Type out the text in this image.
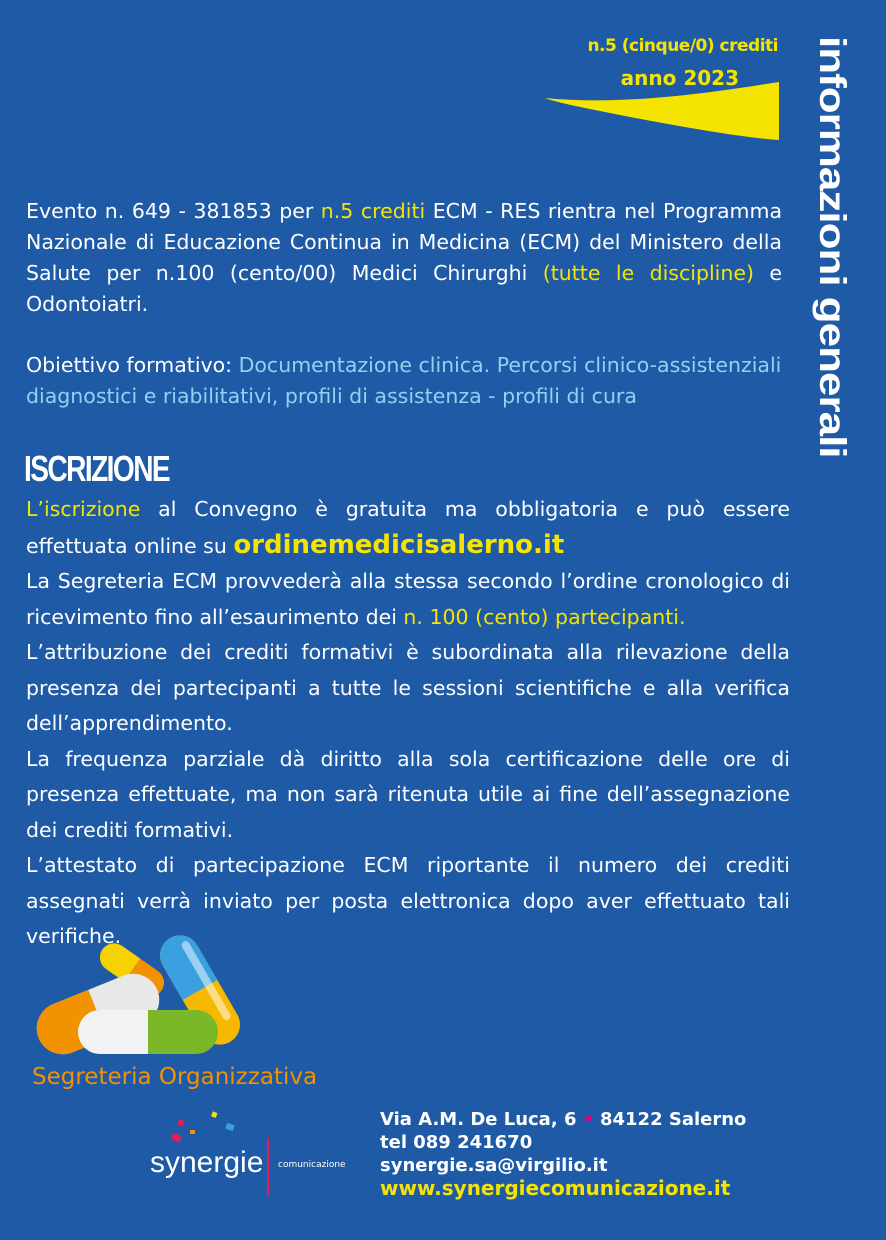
n.5 (cinque/0) crediti
anno 2023 informazioni generali
Evento n. 649 - 381853 per n.5 crediti ECM - RES rientra nel Programma Nazionale di Educazione Continua in Medicina (ECM) del Ministero della Salute per n.100 (cento/00) Medici Chirurghi (tutte le discipline) e Odontoiatri.
Obiettivo formativo: Documentazione clinica. Percorsi clinico-assistenziali diagnostici e riabilitativi, profili di assistenza - profili di cura
ISCRIZIONE

L’iscrizione al Convegno è gratuita ma obbligatoria e può essere effettuata online su ordinemedicisalerno.it

La Segreteria ECM provvederà alla stessa secondo l’ordine cronologico di ricevimento fino all’esaurimento dei n. 100 (cento) partecipanti.

L’attribuzione dei crediti formativi è subordinata alla rilevazione della presenza dei partecipanti a tutte le sessioni scientifiche e alla verifica dell’apprendimento.

La frequenza parziale dà diritto alla sola certificazione delle ore di presenza effettuate, ma non sarà ritenuta utile ai fine dell’assegnazione dei crediti formativi.

L’attestato di partecipazione ECM riportante il numero dei crediti assegnati verrà inviato per posta elettronica dopo aver effettuato tali verifiche.

Segreteria Organizzativa
synergie comunicazione
Via A.M. De Luca, 6 • 84122 Salerno
tel 089 241670
synergie.sa@virgilio.it
www.synergiecomunicazione.it
